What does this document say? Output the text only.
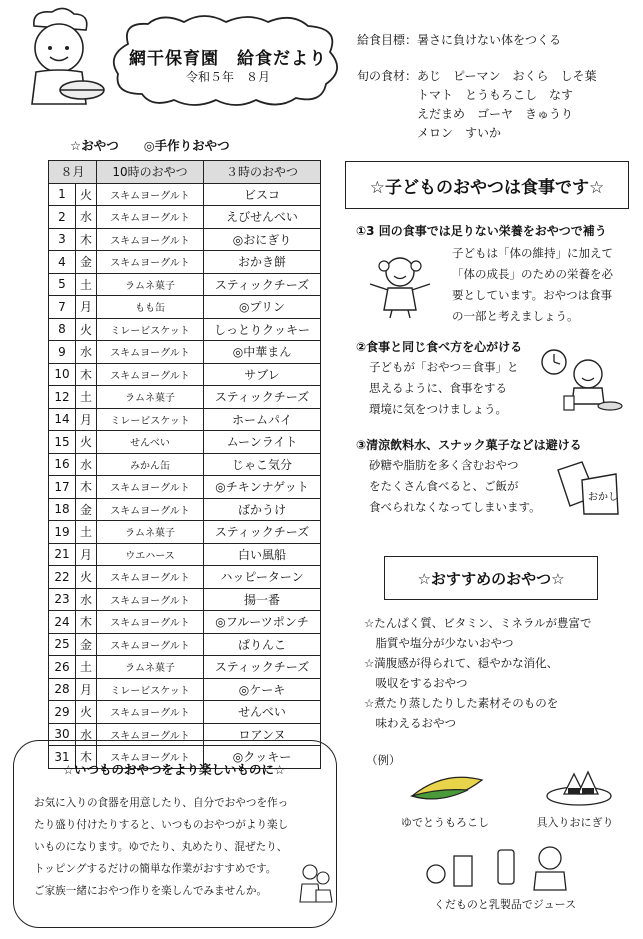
網干保育園　給食だより
令和５年　８月
給食目標：暑さに負けない体をつくる
旬の食材：あじ　ピーマン　おくら　しそ葉
　　　　　トマト　とうもろこし　なす
　　　　　えだまめ　ゴーヤ　きゅうり
　　　　　メロン　すいか
☆おやつ　　◎手作りおやつ
８月		10時のおやつ	３時のおやつ
1	火	スキムヨーグルト	ビスコ
2	水	スキムヨーグルト	えびせんべい
3	木	スキムヨーグルト	◎おにぎり
4	金	スキムヨーグルト	おかき餅
5	土	ラムネ菓子	スティックチーズ
7	月	もも缶	◎プリン
8	火	ミレービスケット	しっとりクッキー
9	水	スキムヨーグルト	◎中華まん
10	木	スキムヨーグルト	サブレ
12	土	ラムネ菓子	スティックチーズ
14	月	ミレービスケット	ホームパイ
15	火	せんべい	ムーンライト
16	水	みかん缶	じゃこ気分
17	木	スキムヨーグルト	◎チキンナゲット
18	金	スキムヨーグルト	ばかうけ
19	土	ラムネ菓子	スティックチーズ
21	月	ウエハース	白い風船
22	火	スキムヨーグルト	ハッピーターン
23	水	スキムヨーグルト	揚一番
24	木	スキムヨーグルト	◎フルーツポンチ
25	金	スキムヨーグルト	ぱりんこ
26	土	ラムネ菓子	スティックチーズ
28	月	ミレービスケット	◎ケーキ
29	火	スキムヨーグルト	せんべい
30	水	スキムヨーグルト	ロアンヌ
31	木	スキムヨーグルト	◎クッキー
☆子どものおやつは食事です☆
①3 回の食事では足りない栄養をおやつで補う
子どもは「体の維持」に加えて
「体の成長」のための栄養を必
要としています。おやつは食事
の一部と考えましょう。
②食事と同じ食べ方を心がける
子どもが「おやつ＝食事」と
思えるように、食事をする
環境に気をつけましょう。
③清涼飲料水、スナック菓子などは避ける
砂糖や脂肪を多く含むおやつ
をたくさん食べると、ご飯が
食べられなくなってしまいます。
おかし
☆おすすめのおやつ☆
☆たんぱく質、ビタミン、ミネラルが豊富で
　脂質や塩分が少ないおやつ
☆満腹感が得られて、穏やかな消化、
　吸収をするおやつ
☆煮たり蒸したりした素材そのものを
　味わえるおやつ
（例）
ゆでとうもろこし	具入りおにぎり
くだものと乳製品でジュース
☆いつものおやつをより楽しいものに☆
お気に入りの食器を用意したり、自分でおやつを作っ
たり盛り付けたりすると、いつものおやつがより楽し
いものになります。ゆでたり、丸めたり、混ぜたり、
トッピングするだけの簡単な作業がおすすめです。
ご家族一緒におやつ作りを楽しんでみませんか。
